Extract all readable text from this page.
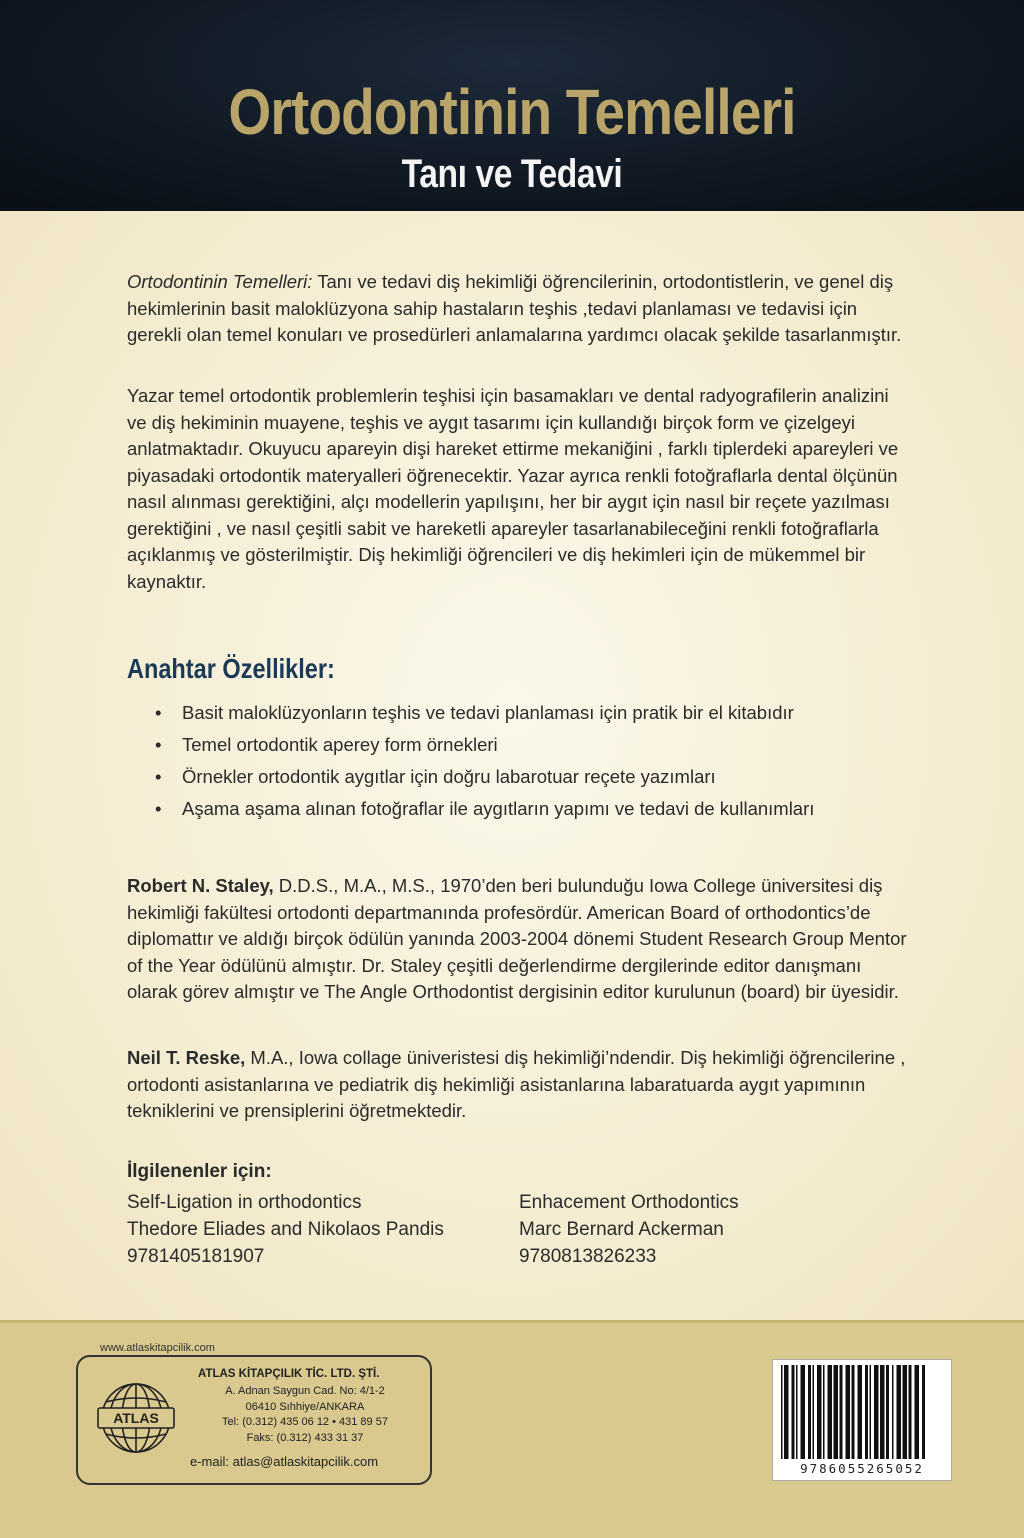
Ortodontinin Temelleri
Tanı ve Tedavi

Ortodontinin Temelleri: Tanı ve tedavi diş hekimliği öğrencilerinin, ortodontistlerin, ve genel diş hekimlerinin basit maloklüzyona sahip hastaların teşhis ,tedavi planlaması ve tedavisi için gerekli olan temel konuları ve prosedürleri anlamalarına yardımcı olacak şekilde tasarlanmıştır.

Yazar temel ortodontik problemlerin teşhisi için basamakları ve dental radyografilerin analizini ve diş hekiminin muayene, teşhis ve aygıt tasarımı için kullandığı birçok form ve çizelgeyi anlatmaktadır. Okuyucu apareyin dişi hareket ettirme mekaniğini , farklı tiplerdeki apareyleri ve piyasadaki ortodontik materyalleri öğrenecektir. Yazar ayrıca renkli fotoğraflarla dental ölçünün nasıl alınması gerektiğini, alçı modellerin yapılışını, her bir aygıt için nasıl bir reçete yazılması gerektiğini , ve nasıl çeşitli sabit ve hareketli apareyler tasarlanabileceğini renkli fotoğraflarla açıklanmış ve gösterilmiştir. Diş hekimliği öğrencileri ve diş hekimleri için de mükemmel bir kaynaktır.

Anahtar Özellikler:
• Basit maloklüzyonların teşhis ve tedavi planlaması için pratik bir el kitabıdır
• Temel ortodontik aperey form örnekleri
• Örnekler ortodontik aygıtlar için doğru labarotuar reçete yazımları
• Aşama aşama alınan fotoğraflar ile aygıtların yapımı ve tedavi de kullanımları

Robert N. Staley, D.D.S., M.A., M.S., 1970’den beri bulunduğu Iowa College üniversitesi diş hekimliği fakültesi ortodonti departmanında profesördür. American Board of orthodontics’de diplomattır ve aldığı birçok ödülün yanında 2003-2004 dönemi Student Research Group Mentor of the Year ödülünü almıştır. Dr. Staley çeşitli değerlendirme dergilerinde editor danışmanı olarak görev almıştır ve The Angle Orthodontist dergisinin editor kurulunun (board) bir üyesidir.

Neil T. Reske, M.A., Iowa collage üniveristesi diş hekimliği’ndendir. Diş hekimliği öğrencilerine , ortodonti asistanlarına ve pediatrik diş hekimliği asistanlarına labaratuarda aygıt yapımının tekniklerini ve prensiplerini öğretmektedir.

İlgilenenler için:
Self-Ligation in orthodontics
Thedore Eliades and Nikolaos Pandis
9781405181907
Enhacement Orthodontics
Marc Bernard Ackerman
9780813826233
www.atlaskitapcilik.com
ATLAS
ATLAS KİTAPÇILIK TİC. LTD. ŞTİ.
A. Adnan Saygun Cad. No: 4/1-2
06410 Sıhhiye/ANKARA
Tel: (0.312) 435 06 12 • 431 89 57
Faks: (0.312) 433 31 37
e-mail: atlas@atlaskitapcilik.com	9786055265052
